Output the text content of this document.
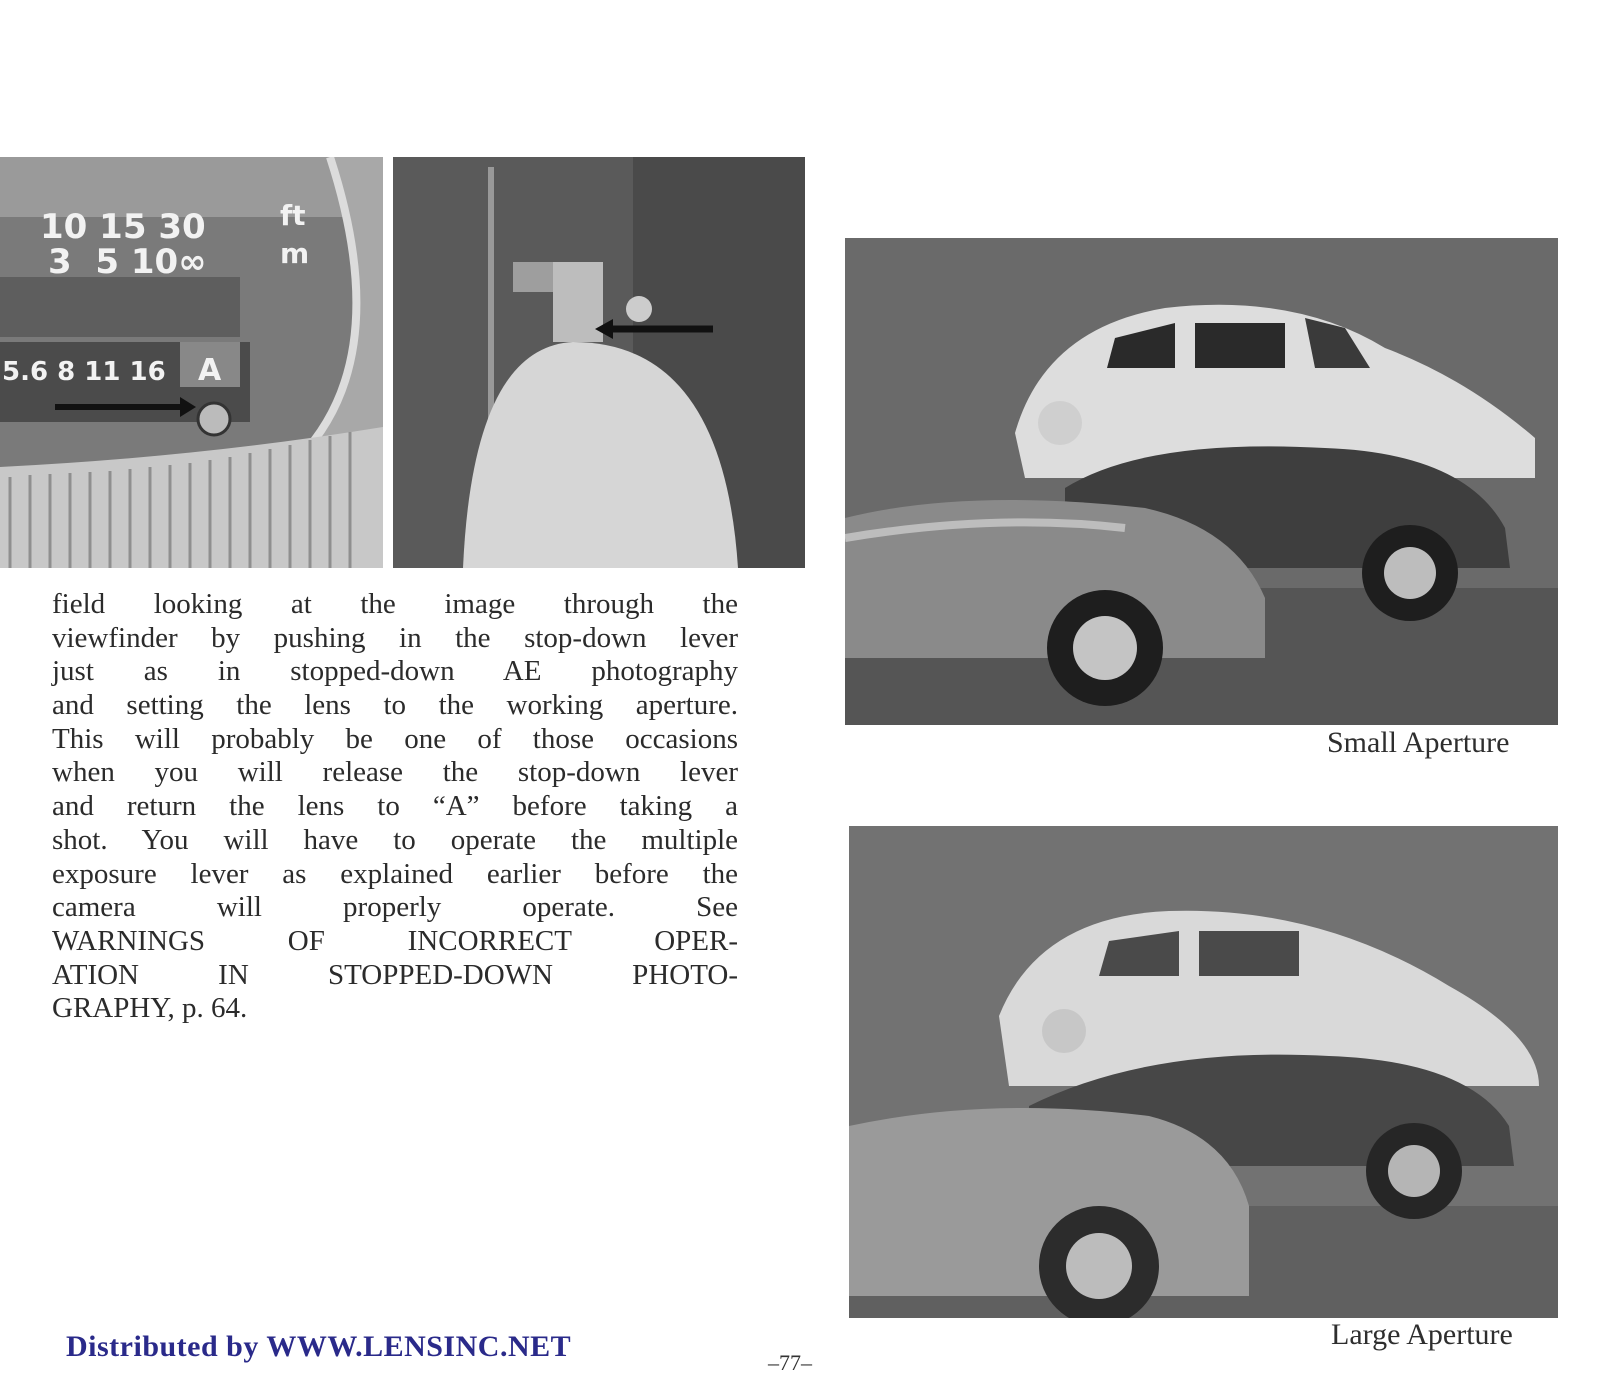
10 15 30	ft
3 5 10∞	m
5.6 8 11 16 A
Small Aperture
Large Aperture
field looking at the image through the
viewfinder by pushing in the stop-down lever
just as in stopped-down AE photography
and setting the lens to the working aperture.
This will probably be one of those occasions
when you will release the stop-down lever
and return the lens to “A” before taking a
shot. You will have to operate the multiple
exposure lever as explained earlier before the
camera will properly operate. See
WARNINGS OF INCORRECT OPER-
ATION IN STOPPED-DOWN PHOTO-
GRAPHY, p. 64.
Distributed by WWW.LENSINC.NET	–77–
